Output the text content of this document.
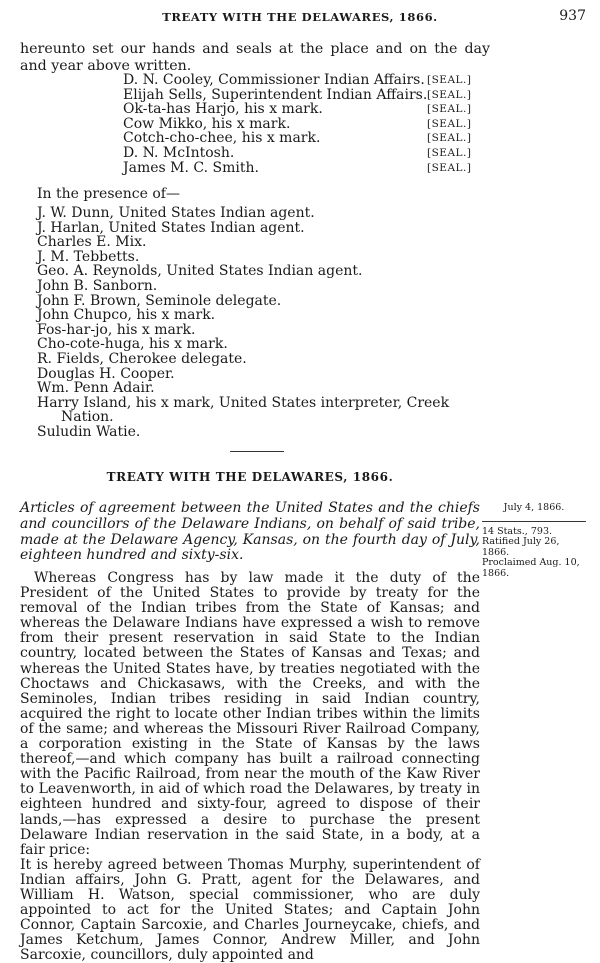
TREATY WITH THE DELAWARES, 1866.	937
hereunto set our hands and seals at the place and on the day and year above written.
D. N. Cooley, Commissioner Indian Affairs. [SEAL.]
Elijah Sells, Superintendent Indian Affairs. [SEAL.]
Ok-ta-has Harjo, his x mark.	[SEAL.]
Cow Mikko, his x mark.	[SEAL.]
Cotch-cho-chee, his x mark.	[SEAL.]
D. N. McIntosh.	[SEAL.]
James M. C. Smith.	[SEAL.]
In the presence of—
J. W. Dunn, United States Indian agent.
J. Harlan, United States Indian agent.
Charles E. Mix.
J. M. Tebbetts.
Geo. A. Reynolds, United States Indian agent.
John B. Sanborn.
John F. Brown, Seminole delegate.
John Chupco, his x mark.
Fos-har-jo, his x mark.
Cho-cote-huga, his x mark.
R. Fields, Cherokee delegate.
Douglas H. Cooper.
Wm. Penn Adair.
Harry Island, his x mark, United States interpreter, Creek
Nation.
Suludin Watie.
TREATY WITH THE DELAWARES, 1866.
Articles of agreement between the United States and the chiefs and councillors of the Delaware Indians, on behalf of said tribe, made at the Delaware Agency, Kansas, on the fourth day of July, eighteen hundred and sixty-six.
July 4, 1866.
14 Stats., 793.
Ratified July 26, 1866.
Proclaimed Aug. 10, 1866.

Whereas Congress has by law made it the duty of the President of the United States to provide by treaty for the removal of the Indian tribes from the State of Kansas; and whereas the Delaware Indians have expressed a wish to remove from their present reservation in said State to the Indian country, located between the States of Kansas and Texas; and whereas the United States have, by treaties negotiated with the Choctaws and Chickasaws, with the Creeks, and with the Seminoles, Indian tribes residing in said Indian country, acquired the right to locate other Indian tribes within the limits of the same; and whereas the Missouri River Railroad Company, a corporation existing in the State of Kansas by the laws thereof,—and which company has built a railroad connecting with the Pacific Railroad, from near the mouth of the Kaw River to Leavenworth, in aid of which road the Delawares, by treaty in eighteen hundred and sixty-four, agreed to dispose of their lands,—has expressed a desire to purchase the present Delaware Indian reservation in the said State, in a body, at a fair price:

It is hereby agreed between Thomas Murphy, superintendent of Indian affairs, John G. Pratt, agent for the Delawares, and William H. Watson, special commissioner, who are duly appointed to act for the United States; and Captain John Connor, Captain Sarcoxie, and Charles Journeycake, chiefs, and James Ketchum, James Connor, Andrew Miller, and John Sarcoxie, councillors, duly appointed and
